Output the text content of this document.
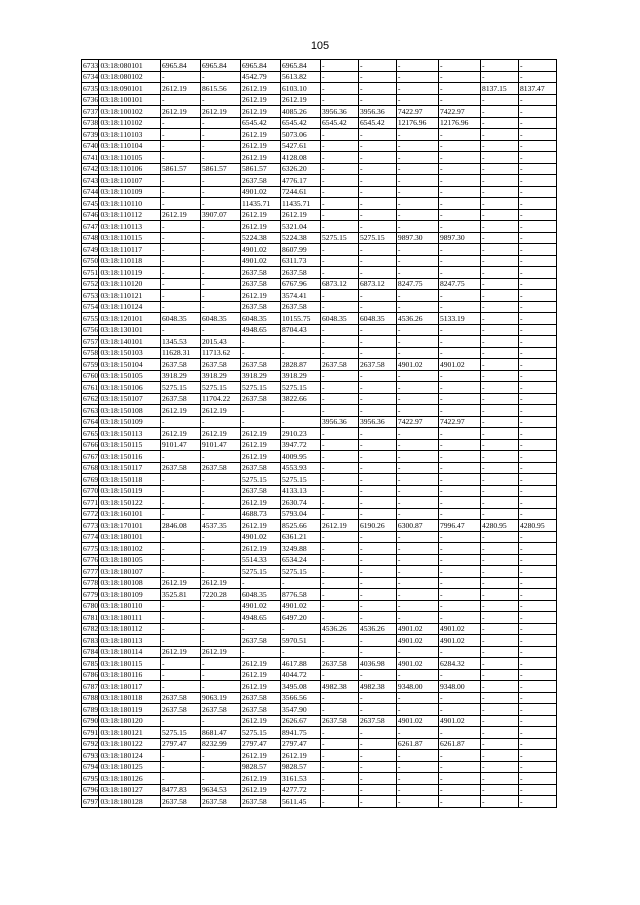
105
6733	03:18:080101	6965.84	6965.84	6965.84	6965.84	-	-	-	-	-	-
6734	03:18:080102	-	-	4542.79	5613.82	-	-	-	-	-	-
6735	03:18:090101	2612.19	8615.56	2612.19	6103.10	-	-	-	-	8137.15	8137.47
6736	03:18:100101	-	-	2612.19	2612.19	-	-	-	-	-	-
6737	03:18:100102	2612.19	2612.19	2612.19	4085.26	3956.36	3956.36	7422.97	7422.97	-	-
6738	03:18:110102	-	-	6545.42	6545.42	6545.42	6545.42	12176.96	12176.96	-	-
6739	03:18:110103	-	-	2612.19	5073.06	-	-	-	-	-	-
6740	03:18:110104	-	-	2612.19	5427.61	-	-	-	-	-	-
6741	03:18:110105	-	-	2612.19	4128.08	-	-	-	-	-	-
6742	03:18:110106	5861.57	5861.57	5861.57	6326.20	-	-	-	-	-	-
6743	03:18:110107	-	-	2637.58	4776.17	-	-	-	-	-	-
6744	03:18:110109	-	-	4901.02	7244.61	-	-	-	-	-	-
6745	03:18:110110	-	-	11435.71	11435.71	-	-	-	-	-	-
6746	03:18:110112	2612.19	3907.07	2612.19	2612.19	-	-	-	-	-	-
6747	03:18:110113	-	-	2612.19	5321.04	-	-	-	-	-	-
6748	03:18:110115	-	-	5224.38	5224.38	5275.15	5275.15	9897.30	9897.30	-	-
6749	03:18:110117	-	-	4901.02	8607.99	-	-	-	-	-	-
6750	03:18:110118	-	-	4901.02	6311.73	-	-	-	-	-	-
6751	03:18:110119	-	-	2637.58	2637.58	-	-	-	-	-	-
6752	03:18:110120	-	-	2637.58	6767.96	6873.12	6873.12	8247.75	8247.75	-	-
6753	03:18:110121	-	-	2612.19	3574.41	-	-	-	-	-	-
6754	03:18:110124	-	-	2637.58	2637.58	-	-	-	-	-	-
6755	03:18:120101	6048.35	6048.35	6048.35	10155.75	6048.35	6048.35	4536.26	5133.19	-	-
6756	03:18:130101	-	-	4948.65	8704.43	-	-	-	-	-	-
6757	03:18:140101	1345.53	2015.43	-	-	-	-	-	-	-	-
6758	03:18:150103	11628.31	11713.62	-	-	-	-	-	-	-	-
6759	03:18:150104	2637.58	2637.58	2637.58	2828.87	2637.58	2637.58	4901.02	4901.02	-	-
6760	03:18:150105	3918.29	3918.29	3918.29	3918.29	-	-	-	-	-	-
6761	03:18:150106	5275.15	5275.15	5275.15	5275.15	-	-	-	-	-	-
6762	03:18:150107	2637.58	11704.22	2637.58	3822.66	-	-	-	-	-	-
6763	03:18:150108	2612.19	2612.19	-	-	-	-	-	-	-	-
6764	03:18:150109	-	-	-	-	3956.36	3956.36	7422.97	7422.97	-	-
6765	03:18:150113	2612.19	2612.19	2612.19	2910.23	-	-	-	-	-	-
6766	03:18:150115	9101.47	9101.47	2612.19	3947.72	-	-	-	-	-	-
6767	03:18:150116	-	-	2612.19	4009.95	-	-	-	-	-	-
6768	03:18:150117	2637.58	2637.58	2637.58	4553.93	-	-	-	-	-	-
6769	03:18:150118	-	-	5275.15	5275.15	-	-	-	-	-	-
6770	03:18:150119	-	-	2637.58	4133.13	-	-	-	-	-	-
6771	03:18:150122	-	-	2612.19	2630.74	-	-	-	-	-	-
6772	03:18:160101	-	-	4688.73	5793.04	-	-	-	-	-	-
6773	03:18:170101	2846.08	4537.35	2612.19	8525.66	2612.19	6190.26	6300.87	7996.47	4280.95	4280.95
6774	03:18:180101	-	-	4901.02	6361.21	-	-	-	-	-	-
6775	03:18:180102	-	-	2612.19	3249.88	-	-	-	-	-	-
6776	03:18:180105	-	-	5514.33	6534.24	-	-	-	-	-	-
6777	03:18:180107	-	-	5275.15	5275.15	-	-	-	-	-	-
6778	03:18:180108	2612.19	2612.19	-	-	-	-	-	-	-	-
6779	03:18:180109	3525.81	7220.28	6048.35	8776.58	-	-	-	-	-	-
6780	03:18:180110	-	-	4901.02	4901.02	-	-	-	-	-	-
6781	03:18:180111	-	-	4948.65	6497.20	-	-	-	-	-	-
6782	03:18:180112	-	-	-	-	4536.26	4536.26	4901.02	4901.02	-	-
6783	03:18:180113	-	-	2637.58	5970.51	-	-	4901.02	4901.02	-	-
6784	03:18:180114	2612.19	2612.19	-	-	-	-	-	-	-	-
6785	03:18:180115	-	-	2612.19	4617.88	2637.58	4036.98	4901.02	6284.32	-	-
6786	03:18:180116	-	-	2612.19	4044.72	-	-	-	-	-	-
6787	03:18:180117	-	-	2612.19	3495.08	4982.38	4982.38	9348.00	9348.00	-	-
6788	03:18:180118	2637.58	9063.19	2637.58	3566.56	-	-	-	-	-	-
6789	03:18:180119	2637.58	2637.58	2637.58	3547.90	-	-	-	-	-	-
6790	03:18:180120	-	-	2612.19	2626.67	2637.58	2637.58	4901.02	4901.02	-	-
6791	03:18:180121	5275.15	8681.47	5275.15	8941.75	-	-	-	-	-	-
6792	03:18:180122	2797.47	8232.99	2797.47	2797.47	-	-	6261.87	6261.87	-	-
6793	03:18:180124	-	-	2612.19	2612.19	-	-	-	-	-	-
6794	03:18:180125	-	-	9828.57	9828.57	-	-	-	-	-	-
6795	03:18:180126	-	-	2612.19	3161.53	-	-	-	-	-	-
6796	03:18:180127	8477.83	9634.53	2612.19	4277.72	-	-	-	-	-	-
6797	03:18:180128	2637.58	2637.58	2637.58	5611.45	-	-	-	-	-	-
